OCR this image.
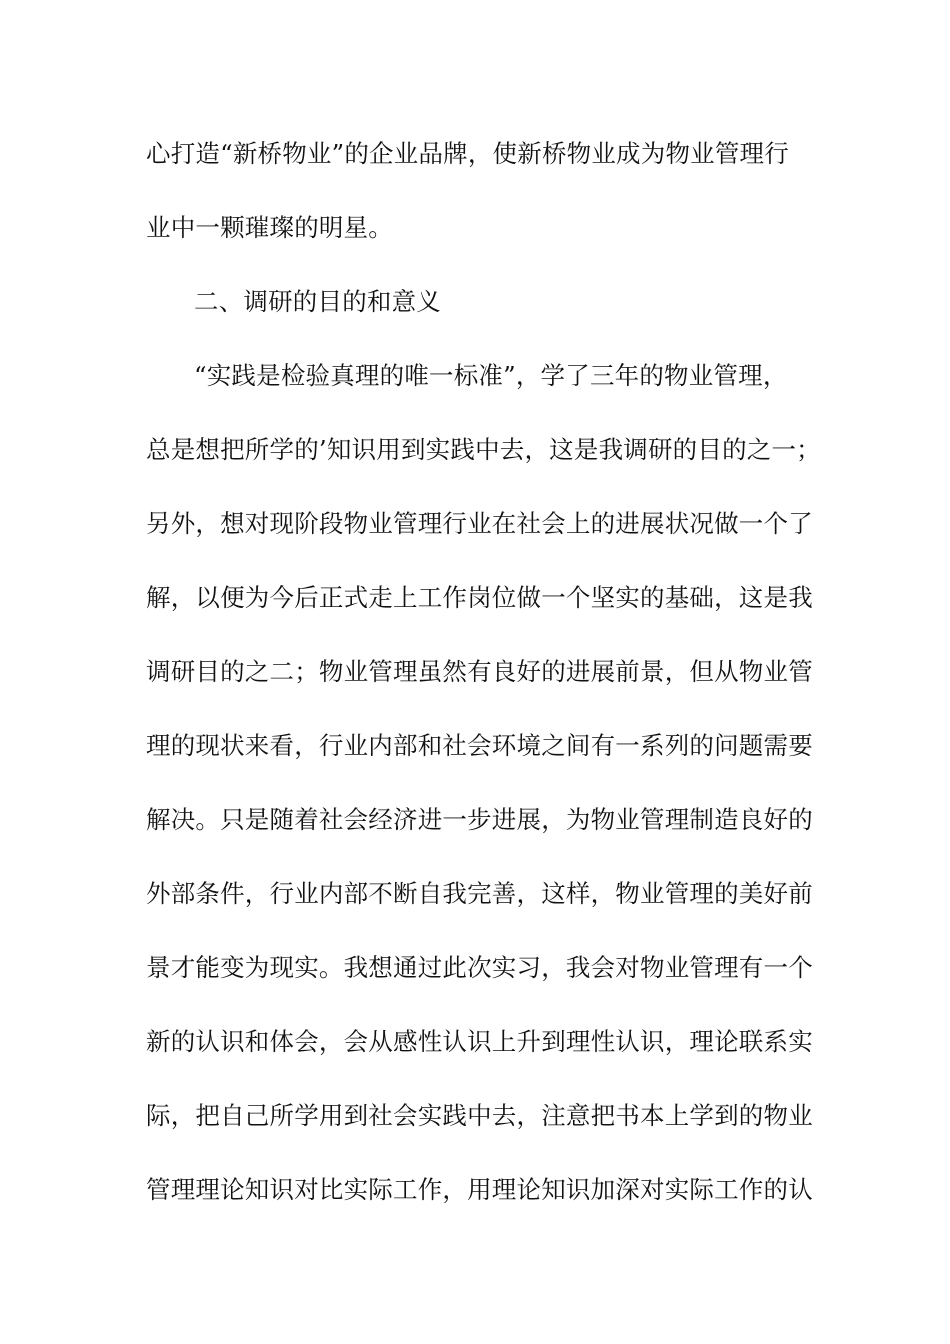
心打造“新桥物业”的企业品牌，使新桥物业成为物业管理行
业中一颗璀璨的明星。
二、调研的目的和意义
“实践是检验真理的唯一标准”，学了三年的物业管理，
总是想把所学的’知识用到实践中去，这是我调研的目的之一；
另外，想对现阶段物业管理行业在社会上的进展状况做一个了
解，以便为今后正式走上工作岗位做一个坚实的基础，这是我
调研目的之二；物业管理虽然有良好的进展前景，但从物业管
理的现状来看，行业内部和社会环境之间有一系列的问题需要
解决。只是随着社会经济进一步进展，为物业管理制造良好的
外部条件，行业内部不断自我完善，这样，物业管理的美好前
景才能变为现实。我想通过此次实习，我会对物业管理有一个
新的认识和体会，会从感性认识上升到理性认识，理论联系实
际，把自己所学用到社会实践中去，注意把书本上学到的物业
管理理论知识对比实际工作，用理论知识加深对实际工作的认
